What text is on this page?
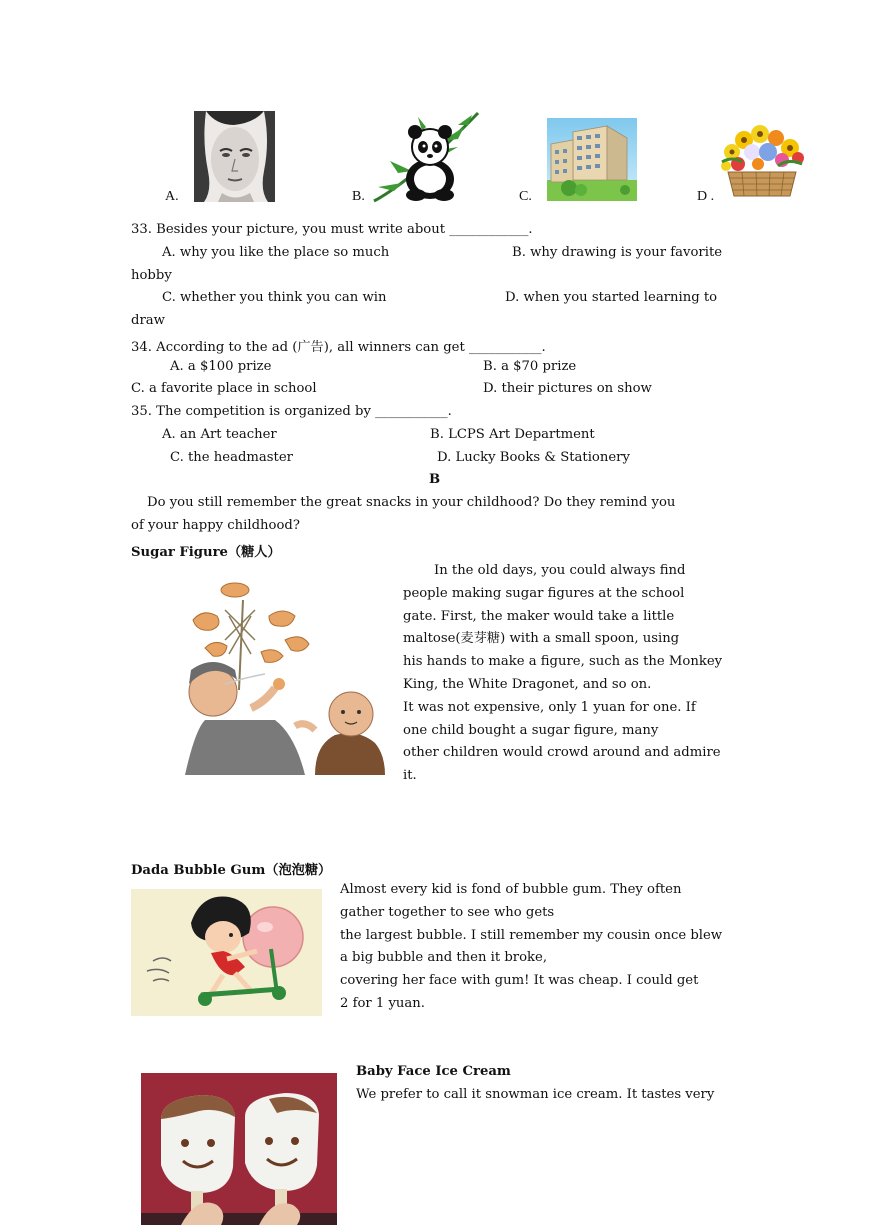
A.	B.	C.	D .
33. Besides your picture, you must write about ____________.
A. why you like the place so much	B. why drawing is your favorite
hobby
C. whether you think you can win	D. when you started learning to
draw
34. According to the ad (广告), all winners can get ___________.
A. a $100 prize	B. a $70 prize
C. a favorite place in school	D. their pictures on show
35. The competition is organized by ___________.
A. an Art teacher	B. LCPS Art Department
C. the headmaster	D. Lucky Books & Stationery
B
Do you still remember the great snacks in your childhood? Do they remind you
of your happy childhood?
Sugar Figure（糖人）
In the old days, you could always find
people making sugar figures at the school
gate. First, the maker would take a little
maltose(麦芽糖) with a small spoon, using
his hands to make a figure, such as the Monkey
King, the White Dragonet, and so on.
It was not expensive, only 1 yuan for one. If
one child bought a sugar figure, many
other children would crowd around and admire
it.
Dada Bubble Gum（泡泡糖）
Almost every kid is fond of bubble gum. They often
gather together to see who gets
the largest bubble. I still remember my cousin once blew
a big bubble and then it broke,
covering her face with gum! It was cheap. I could get
2 for 1 yuan.
Baby Face Ice Cream
We prefer to call it snowman ice cream. It tastes very
